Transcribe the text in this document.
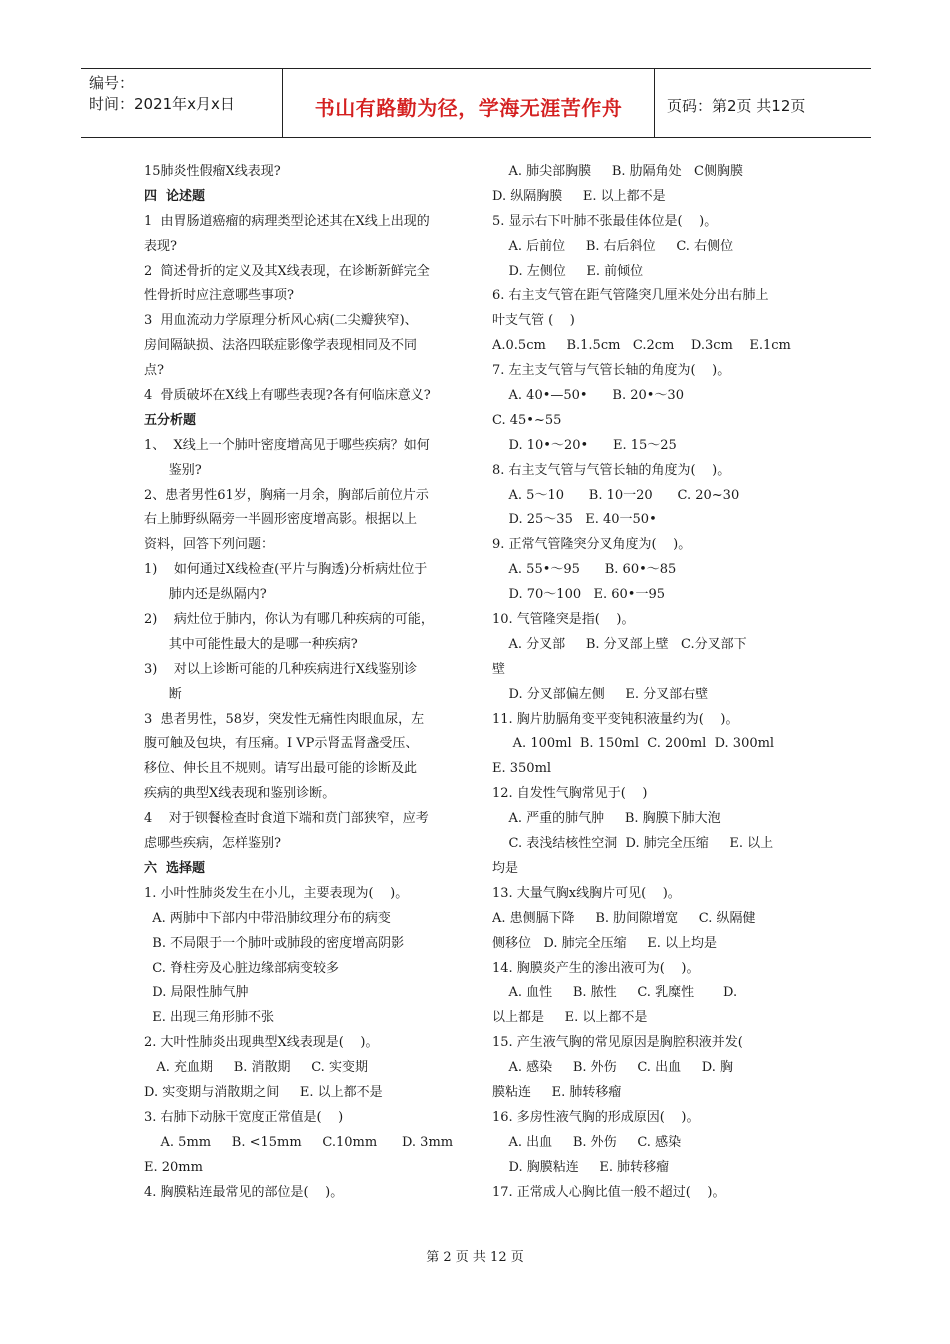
编号：
时间：2021年x月x日	书山有路勤为径，学海无涯苦作舟	页码：第2页 共12页
15肺炎性假瘤X线表现?
四  论述题
1  由胃肠道癌瘤的病理类型论述其在X线上出现的
表现?
2  简述骨折的定义及其X线表现，在诊断新鲜完全
性骨折时应注意哪些事项?
3  用血流动力学原理分析风心病(二尖瓣狭窄)、
房间隔缺损、法洛四联症影像学表现相同及不同
点?
4  骨质破坏在X线上有哪些表现?各有何临床意义?
五分析题
1、  X线上一个肺叶密度增高见于哪些疾病？如何
鉴别?
2、患者男性61岁，胸痛一月余，胸部后前位片示
右上肺野纵隔旁一半圆形密度增高影。根据以上
资料，回答下列问题：
1)    如何通过X线检查(平片与胸透)分析病灶位于
肺内还是纵隔内?
2)    病灶位于肺内，你认为有哪几种疾病的可能，
其中可能性最大的是哪一种疾病?
3)    对以上诊断可能的几种疾病进行X线鉴别诊
断
3  患者男性，58岁，突发性无痛性肉眼血尿，左
腹可触及包块，有压痛。I VP示肾盂肾盏受压、
移位、伸长且不规则。请写出最可能的诊断及此
疾病的典型X线表现和鉴别诊断。
4    对于钡餐检查时食道下端和贲门部狭窄，应考
虑哪些疾病，怎样鉴别?
六  选择题
1. 小叶性肺炎发生在小儿，主要表现为(    )。
A. 两肺中下部内中带沿肺纹理分布的病变
B. 不局限于一个肺叶或肺段的密度增高阴影
C. 脊柱旁及心脏边缘部病变较多
D. 局限性肺气肿
E. 出现三角形肺不张
2. 大叶性肺炎出现典型X线表现是(    )。
A. 充血期     B. 消散期     C. 实变期
D. 实变期与消散期之间     E. 以上都不是
3. 右肺下动脉干宽度正常值是(    )
A. 5mm     B. <15mm     C.10mm      D. 3mm
E. 20mm
4. 胸膜粘连最常见的部位是(    )。
A. 肺尖部胸膜     B. 肋隔角处   C侧胸膜
D. 纵隔胸膜     E. 以上都不是
5. 显示右下叶肺不张最佳体位是(    )。
A. 后前位     B. 右后斜位     C. 右侧位
D. 左侧位     E. 前倾位
6. 右主支气管在距气管隆突几厘米处分出右肺上
叶支气管 (    )
A.0.5cm     B.1.5cm   C.2cm    D.3cm    E.1cm
7. 左主支气管与气管长轴的角度为(    )。
A. 40•—50•      B. 20•～30
C. 45•~55
D. 10•～20•      E. 15～25
8. 右主支气管与气管长轴的角度为(    )。
A. 5～10      B. 10一20      C. 20~30
D. 25～35   E. 40一50•
9. 正常气管隆突分叉角度为(    )。
A. 55•～95      B. 60•～85
D. 70～100   E. 60•一95
10. 气管隆突是指(    )。
A. 分叉部     B. 分叉部上壁   C.分叉部下
壁
D. 分叉部偏左侧     E. 分叉部右壁
11. 胸片肋膈角变平变钝积液量约为(    )。
A. 100ml  B. 150ml  C. 200ml  D. 300ml
E. 350ml
12. 自发性气胸常见于(    )
A. 严重的肺气肿     B. 胸膜下肺大泡
C. 表浅结核性空洞  D. 肺完全压缩     E. 以上
均是
13. 大量气胸x线胸片可见(    )。
A. 患侧膈下降     B. 肋间隙增宽     C. 纵隔健
侧移位   D. 肺完全压缩     E. 以上均是
14. 胸膜炎产生的渗出液可为(    )。
A. 血性     B. 脓性     C. 乳糜性       D.
以上都是     E. 以上都不是
15. 产生液气胸的常见原因是胸腔积液并发(
A. 感染     B. 外伤     C. 出血     D. 胸
膜粘连     E. 肺转移瘤
16. 多房性液气胸的形成原因(    )。
A. 出血     B. 外伤     C. 感染
D. 胸膜粘连     E. 肺转移瘤
17. 正常成人心胸比值一般不超过(    )。
第 2 页 共 12 页
